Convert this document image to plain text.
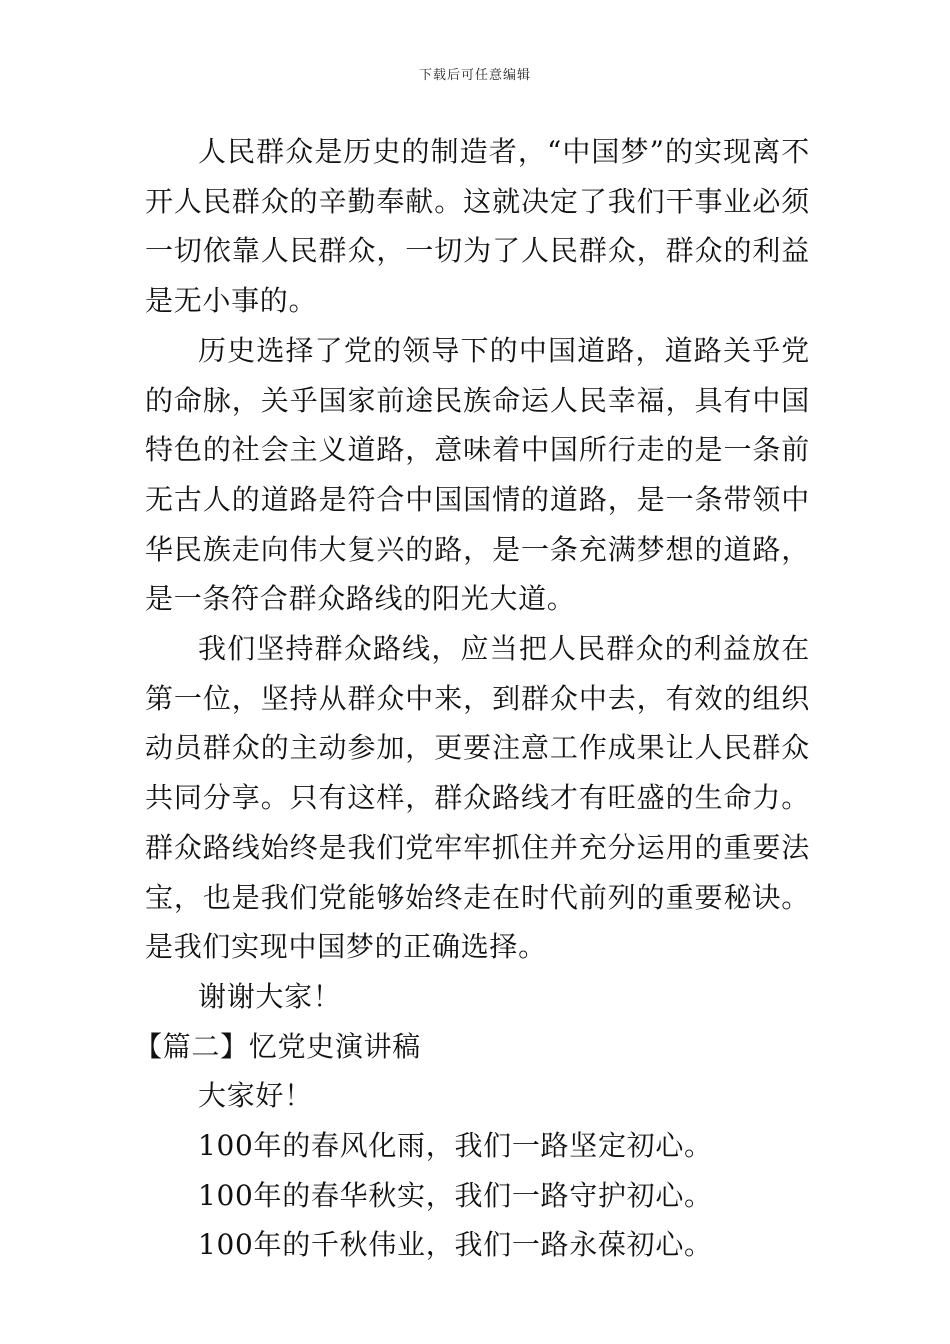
下载后可任意编辑

人民群众是历史的制造者，“中国梦”的实现离不开人民群众的辛勤奉献。这就决定了我们干事业必须一切依靠人民群众，一切为了人民群众，群众的利益是无小事的。

历史选择了党的领导下的中国道路，道路关乎党的命脉，关乎国家前途民族命运人民幸福，具有中国特色的社会主义道路，意味着中国所行走的是一条前无古人的道路是符合中国国情的道路，是一条带领中华民族走向伟大复兴的路，是一条充满梦想的道路，是一条符合群众路线的阳光大道。

我们坚持群众路线，应当把人民群众的利益放在第一位，坚持从群众中来，到群众中去，有效的组织动员群众的主动参加，更要注意工作成果让人民群众共同分享。只有这样，群众路线才有旺盛的生命力。群众路线始终是我们党牢牢抓住并充分运用的重要法宝，也是我们党能够始终走在时代前列的重要秘诀。是我们实现中国梦的正确选择。

谢谢大家！

【篇二】忆党史演讲稿

大家好！

100年的春风化雨，我们一路坚定初心。

100年的春华秋实，我们一路守护初心。

100年的千秋伟业，我们一路永葆初心。
